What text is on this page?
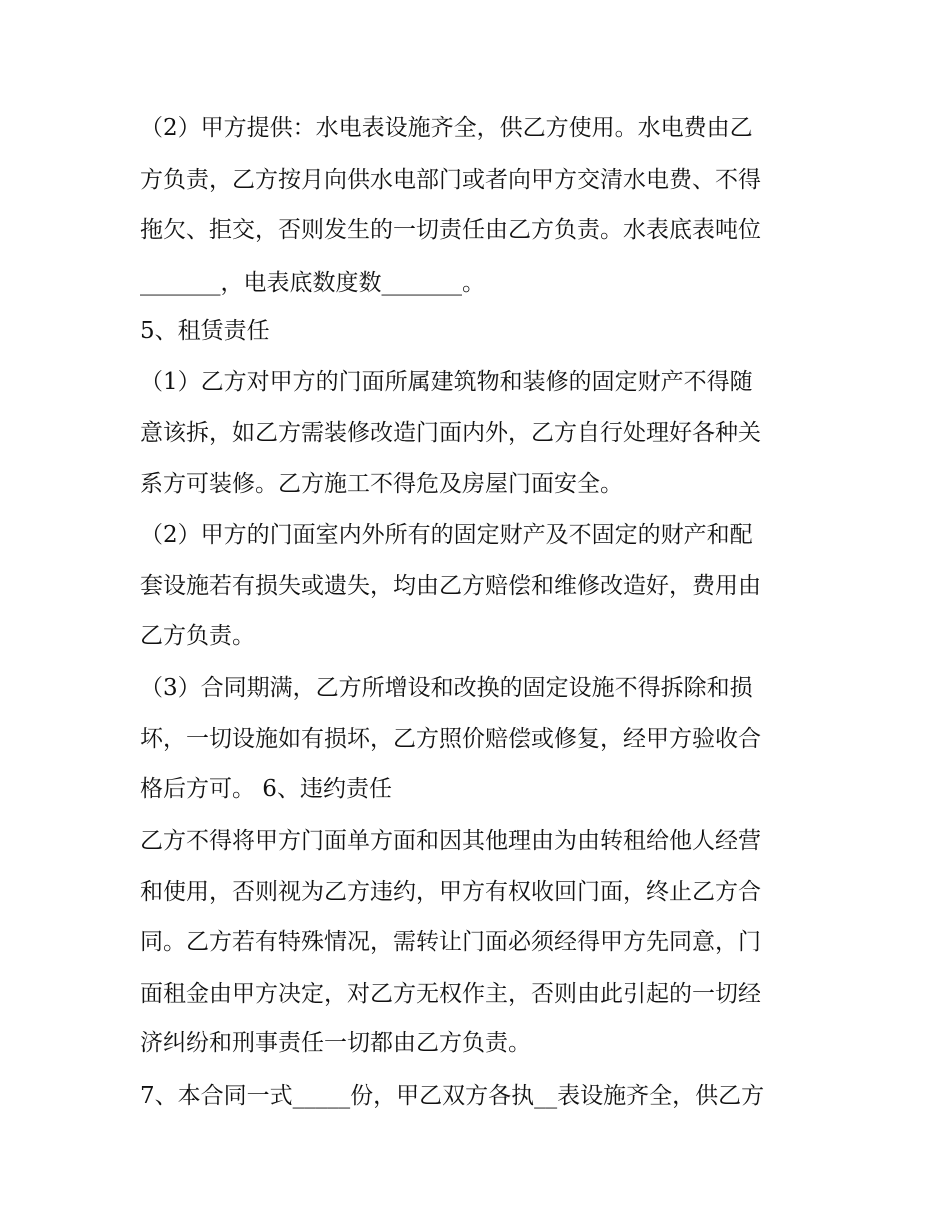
（2）甲方提供：水电表设施齐全，供乙方使用。水电费由乙
方负责，乙方按月向供水电部门或者向甲方交清水电费、不得
拖欠、拒交，否则发生的一切责任由乙方负责。水表底表吨位
_______，电表底数度数_______。
5、租赁责任
（1）乙方对甲方的门面所属建筑物和装修的固定财产不得随
意该拆，如乙方需装修改造门面内外，乙方自行处理好各种关
系方可装修。乙方施工不得危及房屋门面安全。
（2）甲方的门面室内外所有的固定财产及不固定的财产和配
套设施若有损失或遗失，均由乙方赔偿和维修改造好，费用由
乙方负责。
（3）合同期满，乙方所增设和改换的固定设施不得拆除和损
坏，一切设施如有损坏，乙方照价赔偿或修复，经甲方验收合
格后方可。 6、违约责任
乙方不得将甲方门面单方面和因其他理由为由转租给他人经营
和使用，否则视为乙方违约，甲方有权收回门面，终止乙方合
同。乙方若有特殊情况，需转让门面必须经得甲方先同意，门
面租金由甲方决定，对乙方无权作主，否则由此引起的一切经
济纠纷和刑事责任一切都由乙方负责。
7、本合同一式_____份，甲乙双方各执__表设施齐全，供乙方
